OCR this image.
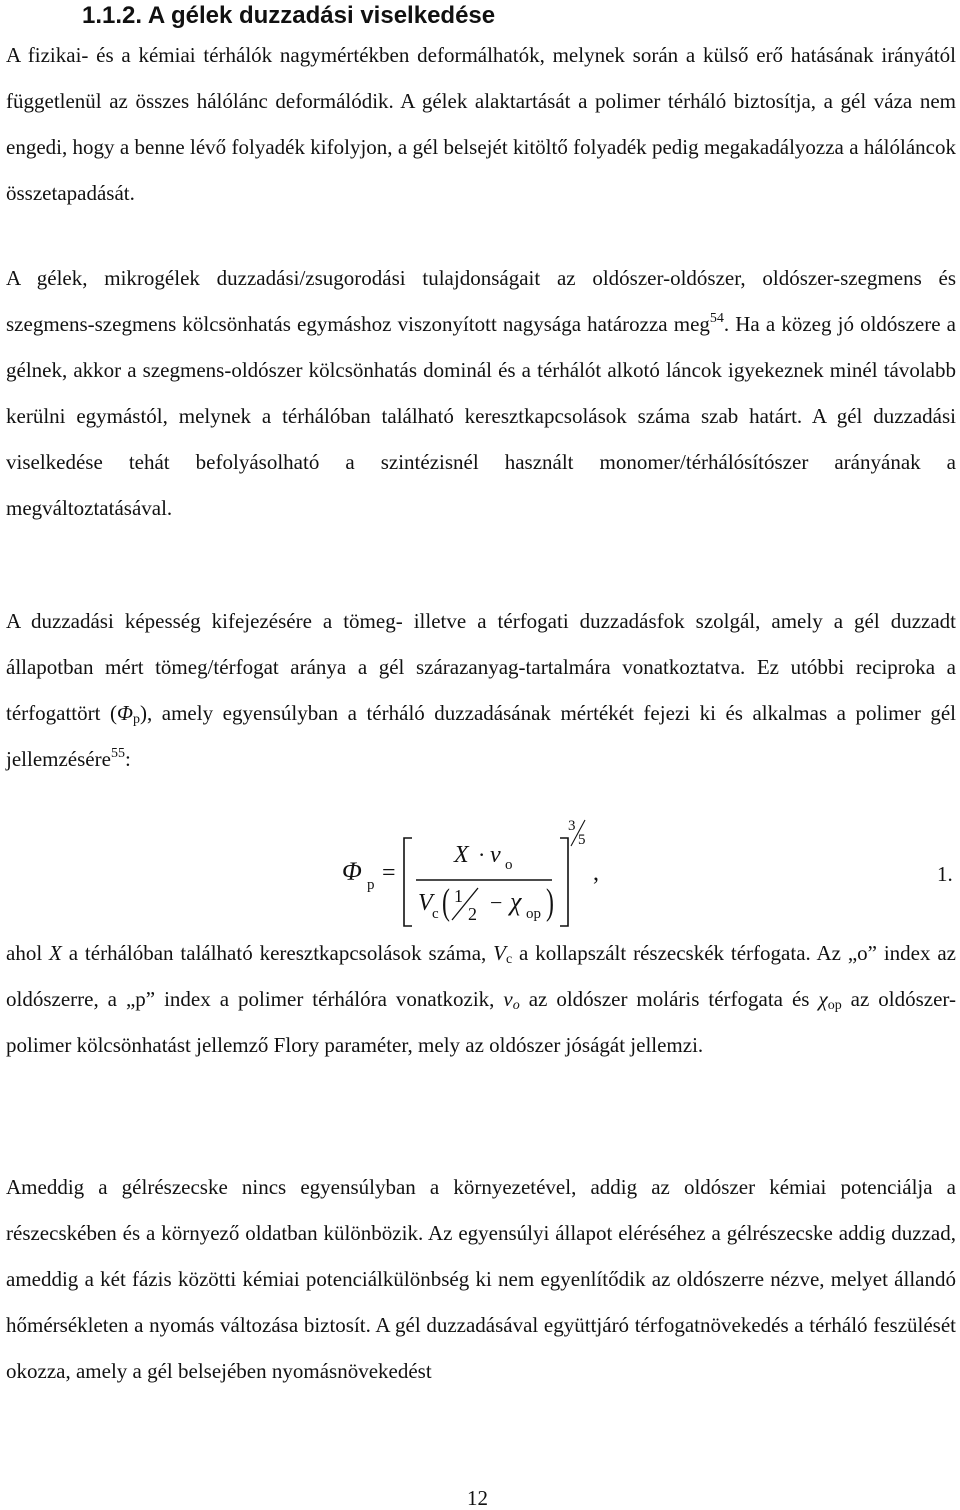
1.1.2. A gélek duzzadási viselkedése

A fizikai- és a kémiai térhálók nagymértékben deformálhatók, melynek során a külső erő hatásának irányától függetlenül az összes hálólánc deformálódik. A gélek alaktartását a polimer térháló biztosítja, a gél váza nem engedi, hogy a benne lévő folyadék kifolyjon, a gél belsejét kitöltő folyadék pedig megakadályozza a hálóláncok összetapadását.

A gélek, mikrogélek duzzadási/zsugorodási tulajdonságait az oldószer-oldószer, oldószer-szegmens és szegmens-szegmens kölcsönhatás egymáshoz viszonyított nagysága határozza meg$^{54}$. Ha a közeg jó oldószere a gélnek, akkor a szegmens-oldószer kölcsönhatás dominál és a térhálót alkotó láncok igyekeznek minél távolabb kerülni egymástól, melynek a térhálóban található keresztkapcsolások száma szab határt. A gél duzzadási viselkedése tehát befolyásolható a szintézisnél használt monomer/térhálósítószer arányának a megváltoztatásával.

A duzzadási képesség kifejezésére a tömeg- illetve a térfogati duzzadásfok szolgál, amely a gél duzzadt állapotban mért tömeg/térfogat aránya a gél szárazanyag-tartalmára vonatkoztatva. Ez utóbbi reciproka a térfogattört $(\Phi_p)$, amely egyensúlyban a térháló duzzadásának mértékét fejezi ki és alkalmas a polimer gél jellemzésére$^{55}$:

Φ p =
X · v o
V c ( 1
2 − χ op )
3
5
,	1.

ahol X a térhálóban található keresztkapcsolások száma, $V_c$ a kollapszált részecskék térfogata. Az „o” index az oldószerre, a „p” index a polimer térhálóra vonatkozik, $v_o$ az oldószer moláris térfogata és $\chi_{op}$ az oldószer-polimer kölcsönhatást jellemző Flory paraméter, mely az oldószer jóságát jellemzi.

Ameddig a gélrészecske nincs egyensúlyban a környezetével, addig az oldószer kémiai potenciálja a részecskében és a környező oldatban különbözik. Az egyensúlyi állapot eléréséhez a gélrészecske addig duzzad, ameddig a két fázis közötti kémiai potenciálkülönbség ki nem egyenlítődik az oldószerre nézve, melyet állandó hőmérsékleten a nyomás változása biztosít. A gél duzzadásával együttjáró térfogatnövekedés a térháló feszülését okozza, amely a gél belsejében nyomásnövekedést

12
